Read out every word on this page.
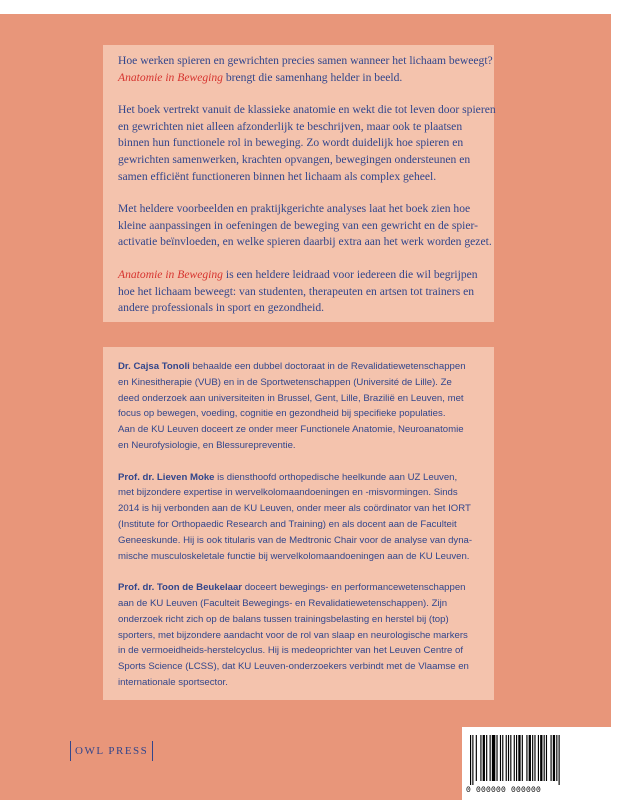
Hoe werken spieren en gewrichten precies samen wanneer het lichaam beweegt?
Anatomie in Beweging brengt die samenhang helder in beeld.
Het boek vertrekt vanuit de klassieke anatomie en wekt die tot leven door spieren
en gewrichten niet alleen afzonderlijk te beschrijven, maar ook te plaatsen
binnen hun functionele rol in beweging. Zo wordt duidelijk hoe spieren en
gewrichten samenwerken, krachten opvangen, bewegingen ondersteunen en
samen efficiënt functioneren binnen het lichaam als complex geheel.
Met heldere voorbeelden en praktijkgerichte analyses laat het boek zien hoe
kleine aanpassingen in oefeningen de beweging van een gewricht en de spier-
activatie beïnvloeden, en welke spieren daarbij extra aan het werk worden gezet.
Anatomie in Beweging is een heldere leidraad voor iedereen die wil begrijpen
hoe het lichaam beweegt: van studenten, therapeuten en artsen tot trainers en
andere professionals in sport en gezondheid.
Dr. Cajsa Tonoli behaalde een dubbel doctoraat in de Revalidatiewetenschappen
en Kinesitherapie (VUB) en in de Sportwetenschappen (Université de Lille). Ze
deed onderzoek aan universiteiten in Brussel, Gent, Lille, Brazilië en Leuven, met
focus op bewegen, voeding, cognitie en gezondheid bij specifieke populaties.
Aan de KU Leuven doceert ze onder meer Functionele Anatomie, Neuroanatomie
en Neurofysiologie, en Blessurepreventie.
Prof. dr. Lieven Moke is diensthoofd orthopedische heelkunde aan UZ Leuven,
met bijzondere expertise in wervelkolomaandoeningen en -misvormingen. Sinds
2014 is hij verbonden aan de KU Leuven, onder meer als coördinator van het IORT
(Institute for Orthopaedic Research and Training) en als docent aan de Faculteit
Geneeskunde. Hij is ook titularis van de Medtronic Chair voor de analyse van dyna-
mische musculoskeletale functie bij wervelkolomaandoeningen aan de KU Leuven.
Prof. dr. Toon de Beukelaar doceert bewegings- en performancewetenschappen
aan de KU Leuven (Faculteit Bewegings- en Revalidatiewetenschappen). Zijn
onderzoek richt zich op de balans tussen trainingsbelasting en herstel bij (top)
sporters, met bijzondere aandacht voor de rol van slaap en neurologische markers
in de vermoeidheids-herstelcyclus. Hij is medeoprichter van het Leuven Centre of
Sports Science (LCSS), dat KU Leuven-onderzoekers verbindt met de Vlaamse en
internationale sportsector.
OWL PRESS
0 000000 000000
